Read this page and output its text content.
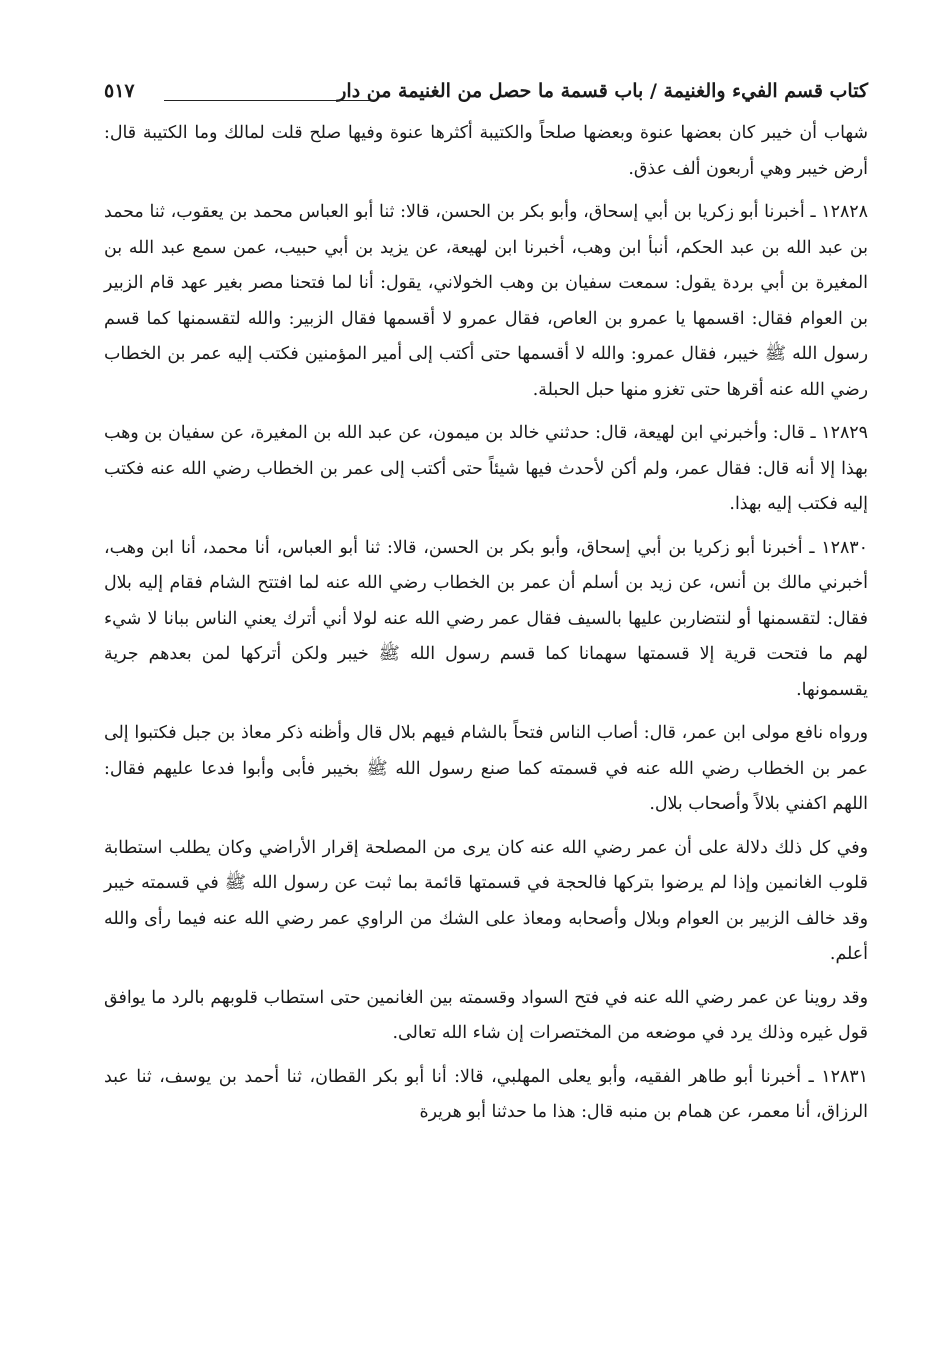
كتاب قسم الفيء والغنيمة / باب قسمة ما حصل من الغنيمة من دار
٥١٧

شهاب أن خيبر كان بعضها عنوة وبعضها صلحاً والكتيبة أكثرها عنوة وفيها صلح قلت لمالك وما الكتيبة قال: أرض خيبر وهي أربعون ألف عذق.

١٢٨٢٨ ـ أخبرنا أبو زكريا بن أبي إسحاق، وأبو بكر بن الحسن، قالا: ثنا أبو العباس محمد بن يعقوب، ثنا محمد بن عبد الله بن عبد الحكم، أنبأ ابن وهب، أخبرنا ابن لهيعة، عن يزيد بن أبي حبيب، عمن سمع عبد الله بن المغيرة بن أبي بردة يقول: سمعت سفيان بن وهب الخولاني، يقول: أنا لما فتحنا مصر بغير عهد قام الزبير بن العوام فقال: اقسمها يا عمرو بن العاص، فقال عمرو لا أقسمها فقال الزبير: والله لتقسمنها كما قسم رسول الله ﷺ خيبر، فقال عمرو: والله لا أقسمها حتى أكتب إلى أمير المؤمنين فكتب إليه عمر بن الخطاب رضي الله عنه أقرها حتى تغزو منها حبل الحبلة.

١٢٨٢٩ ـ قال: وأخبرني ابن لهيعة، قال: حدثني خالد بن ميمون، عن عبد الله بن المغيرة، عن سفيان بن وهب بهذا إلا أنه قال: فقال عمر، ولم أكن لأحدث فيها شيئاً حتى أكتب إلى عمر بن الخطاب رضي الله عنه فكتب إليه فكتب إليه بهذا.

١٢٨٣٠ ـ أخبرنا أبو زكريا بن أبي إسحاق، وأبو بكر بن الحسن، قالا: ثنا أبو العباس، أنا محمد، أنا ابن وهب، أخبرني مالك بن أنس، عن زيد بن أسلم أن عمر بن الخطاب رضي الله عنه لما افتتح الشام فقام إليه بلال فقال: لتقسمنها أو لنتضاربن عليها بالسيف فقال عمر رضي الله عنه لولا أني أترك يعني الناس ببانا لا شيء لهم ما فتحت قرية إلا قسمتها سهمانا كما قسم رسول الله ﷺ خيبر ولكن أتركها لمن بعدهم جرية يقسمونها.

ورواه نافع مولى ابن عمر، قال: أصاب الناس فتحاً بالشام فيهم بلال قال وأظنه ذكر معاذ بن جبل فكتبوا إلى عمر بن الخطاب رضي الله عنه في قسمته كما صنع رسول الله ﷺ بخيبر فأبى وأبوا فدعا عليهم فقال: اللهم اكفني بلالاً وأصحاب بلال.

وفي كل ذلك دلالة على أن عمر رضي الله عنه كان يرى من المصلحة إقرار الأراضي وكان يطلب استطابة قلوب الغانمين وإذا لم يرضوا بتركها فالحجة في قسمتها قائمة بما ثبت عن رسول الله ﷺ في قسمته خيبر وقد خالف الزبير بن العوام وبلال وأصحابه ومعاذ على الشك من الراوي عمر رضي الله عنه فيما رأى والله أعلم.

وقد روينا عن عمر رضي الله عنه في فتح السواد وقسمته بين الغانمين حتى استطاب قلوبهم بالرد ما يوافق قول غيره وذلك يرد في موضعه من المختصرات إن شاء الله تعالى.

١٢٨٣١ ـ أخبرنا أبو طاهر الفقيه، وأبو يعلى المهلبي، قالا: أنا أبو بكر القطان، ثنا أحمد بن يوسف، ثنا عبد الرزاق، أنا معمر، عن همام بن منبه قال: هذا ما حدثنا أبو هريرة
